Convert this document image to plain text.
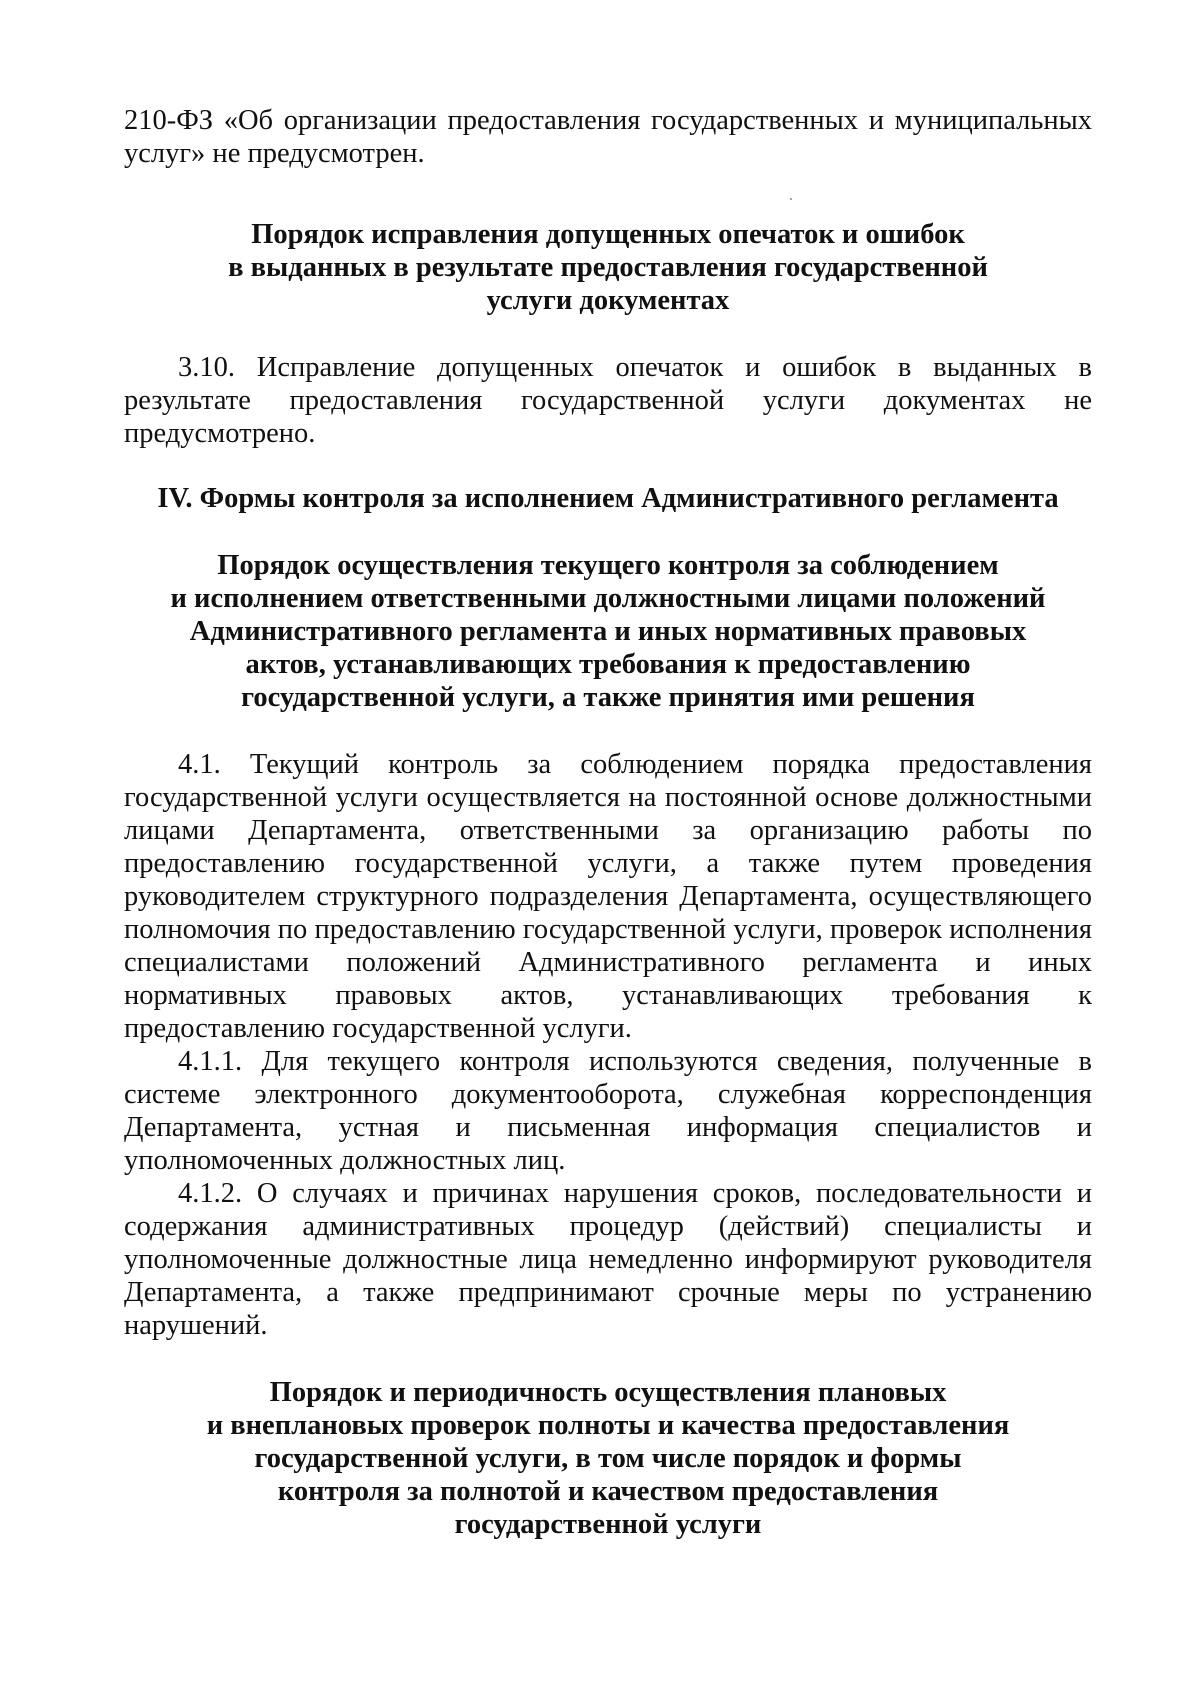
210-ФЗ «Об организации предоставления государственных и муниципальных услуг» не предусмотрен.

Порядок исправления допущенных опечаток и ошибок
в выданных в результате предоставления государственной
услуги документах

3.10. Исправление допущенных опечаток и ошибок в выданных в результате предоставления государственной услуги документах не предусмотрено.

IV. Формы контроля за исполнением Административного регламента

Порядок осуществления текущего контроля за соблюдением
и исполнением ответственными должностными лицами положений
Административного регламента и иных нормативных правовых
актов, устанавливающих требования к предоставлению
государственной услуги, а также принятия ими решения

4.1. Текущий контроль за соблюдением порядка предоставления государственной услуги осуществляется на постоянной основе должностными лицами Департамента, ответственными за организацию работы по предоставлению государственной услуги, а также путем проведения руководителем структурного подразделения Департамента, осуществляющего полномочия по предоставлению государственной услуги, проверок исполнения специалистами положений Административного регламента и иных нормативных правовых актов, устанавливающих требования к предоставлению государственной услуги.

4.1.1. Для текущего контроля используются сведения, полученные в системе электронного документооборота, служебная корреспонденция Департамента, устная и письменная информация специалистов и уполномоченных должностных лиц.

4.1.2. О случаях и причинах нарушения сроков, последовательности и содержания административных процедур (действий) специалисты и уполномоченные должностные лица немедленно информируют руководителя Департамента, а также предпринимают срочные меры по устранению нарушений.

Порядок и периодичность осуществления плановых
и внеплановых проверок полноты и качества предоставления
государственной услуги, в том числе порядок и формы
контроля за полнотой и качеством предоставления
государственной услуги
